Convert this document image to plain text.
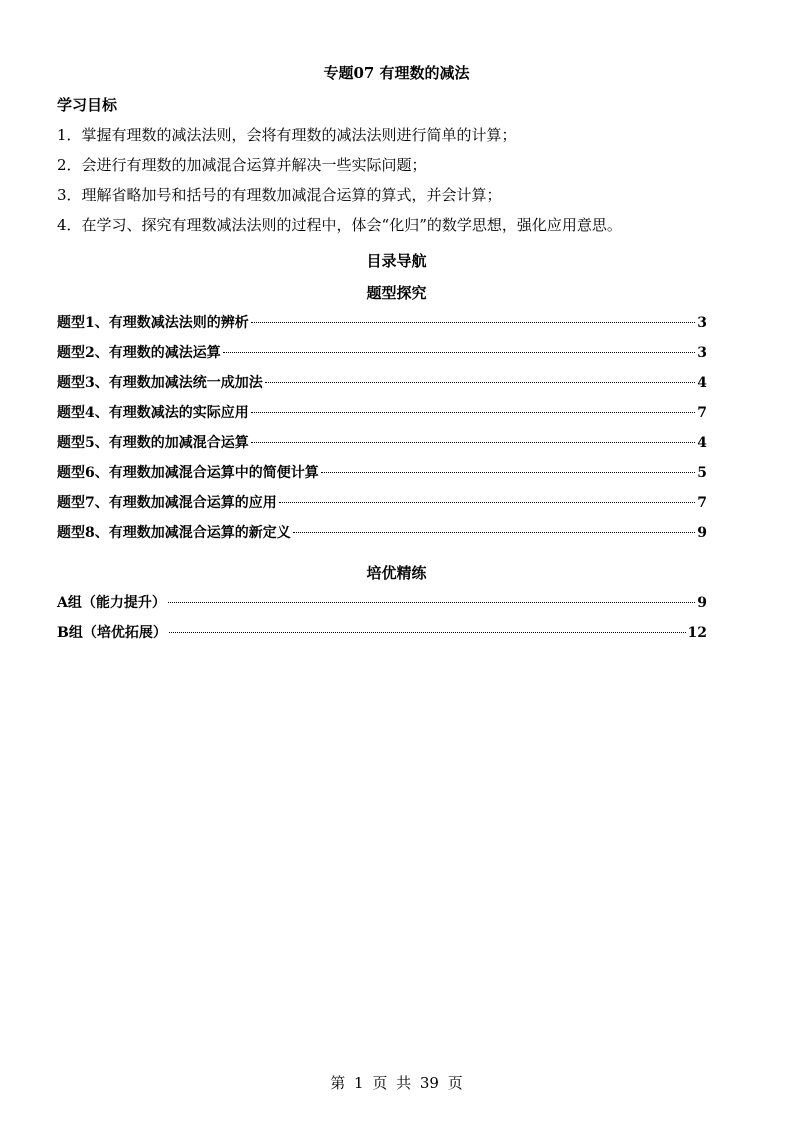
专题07 有理数的减法
学习目标
1．掌握有理数的减法法则，会将有理数的减法法则进行简单的计算；
2．会进行有理数的加减混合运算并解决一些实际问题；
3．理解省略加号和括号的有理数加减混合运算的算式，并会计算；
4．在学习、探究有理数减法法则的过程中，体会“化归”的数学思想，强化应用意思。
目录导航
题型探究
题型1、有理数减法法则的辨析	3
题型2、有理数的减法运算	3
题型3、有理数加减法统一成加法	4
题型4、有理数减法的实际应用	7
题型5、有理数的加减混合运算	4
题型6、有理数加减混合运算中的简便计算	5
题型7、有理数加减混合运算的应用	7
题型8、有理数加减混合运算的新定义	9
培优精练
A组（能力提升）	9
B组（培优拓展）	12
第 1 页 共 39 页
